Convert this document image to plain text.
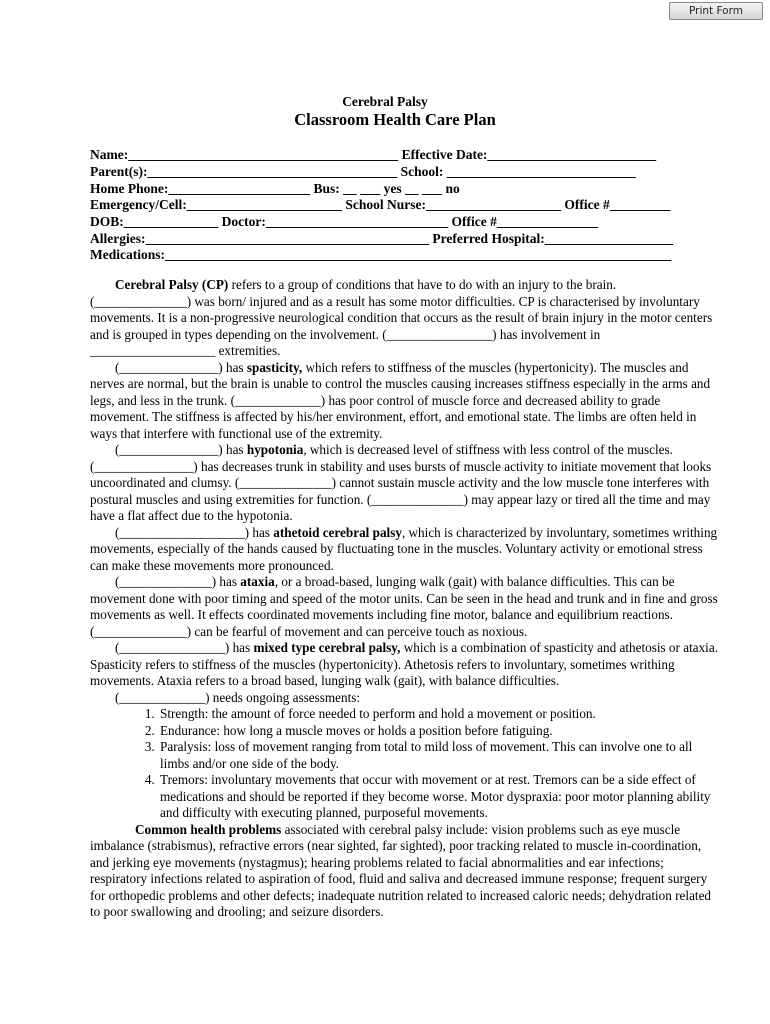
Print Form
Cerebral Palsy
Classroom Health Care Plan
Name:________________________________________ Effective Date:_________________________
Parent(s):_____________________________________ School: ____________________________
Home Phone:_____________________ Bus: __ ___ yes __ ___ no
Emergency/Cell:_______________________ School Nurse:____________________ Office #_________
DOB:______________ Doctor:___________________________ Office #_______________
Allergies:__________________________________________ Preferred Hospital:___________________
Medications:___________________________________________________________________________

Cerebral Palsy (CP) refers to a group of conditions that have to do with an injury to the brain. (______________) was born/ injured and as a result has some motor difficulties. CP is characterised by involuntary movements. It is a non-progressive neurological condition that occurs as the result of brain injury in the motor centers and is grouped in types depending on the involvement. (________________) has involvement in ___________________ extremities.

(_______________) has spasticity, which refers to stiffness of the muscles (hypertonicity). The muscles and nerves are normal, but the brain is unable to control the muscles causing increases stiffness especially in the arms and legs, and less in the trunk. (_____________) has poor control of muscle force and decreased ability to grade movement. The stiffness is affected by his/her environment, effort, and emotional state. The limbs are often held in ways that interfere with functional use of the extremity.

(_______________) has hypotonia, which is decreased level of stiffness with less control of the muscles. (_______________) has decreases trunk in stability and uses bursts of muscle activity to initiate movement that looks uncoordinated and clumsy. (______________) cannot sustain muscle activity and the low muscle tone interferes with postural muscles and using extremities for function. (______________) may appear lazy or tired all the time and may have a flat affect due to the hypotonia.

(___________________) has athetoid cerebral palsy, which is characterized by involuntary, sometimes writhing movements, especially of the hands caused by fluctuating tone in the muscles. Voluntary activity or emotional stress can make these movements more pronounced.

(______________) has ataxia, or a broad-based, lunging walk (gait) with balance difficulties. This can be movement done with poor timing and speed of the motor units. Can be seen in the head and trunk and in fine and gross movements as well. It effects coordinated movements including fine motor, balance and equilibrium reactions. (______________) can be fearful of movement and can perceive touch as noxious.

(________________) has mixed type cerebral palsy, which is a combination of spasticity and athetosis or ataxia. Spasticity refers to stiffness of the muscles (hypertonicity). Athetosis refers to involuntary, sometimes writhing movements. Ataxia refers to a broad based, lunging walk (gait), with balance difficulties.

(_____________) needs ongoing assessments:

1. Strength: the amount of force needed to perform and hold a movement or position.
2. Endurance: how long a muscle moves or holds a position before fatiguing.
3. Paralysis: loss of movement ranging from total to mild loss of movement. This can involve one to all limbs and/or one side of the body.
4. Tremors: involuntary movements that occur with movement or at rest. Tremors can be a side effect of medications and should be reported if they become worse. Motor dyspraxia: poor motor planning ability and difficulty with executing planned, purposeful movements.

Common health problems associated with cerebral palsy include: vision problems such as eye muscle imbalance (strabismus), refractive errors (near sighted, far sighted), poor tracking related to muscle in-coordination, and jerking eye movements (nystagmus); hearing problems related to facial abnormalities and ear infections; respiratory infections related to aspiration of food, fluid and saliva and decreased immune response; frequent surgery for orthopedic problems and other defects; inadequate nutrition related to increased caloric needs; dehydration related to poor swallowing and drooling; and seizure disorders.
